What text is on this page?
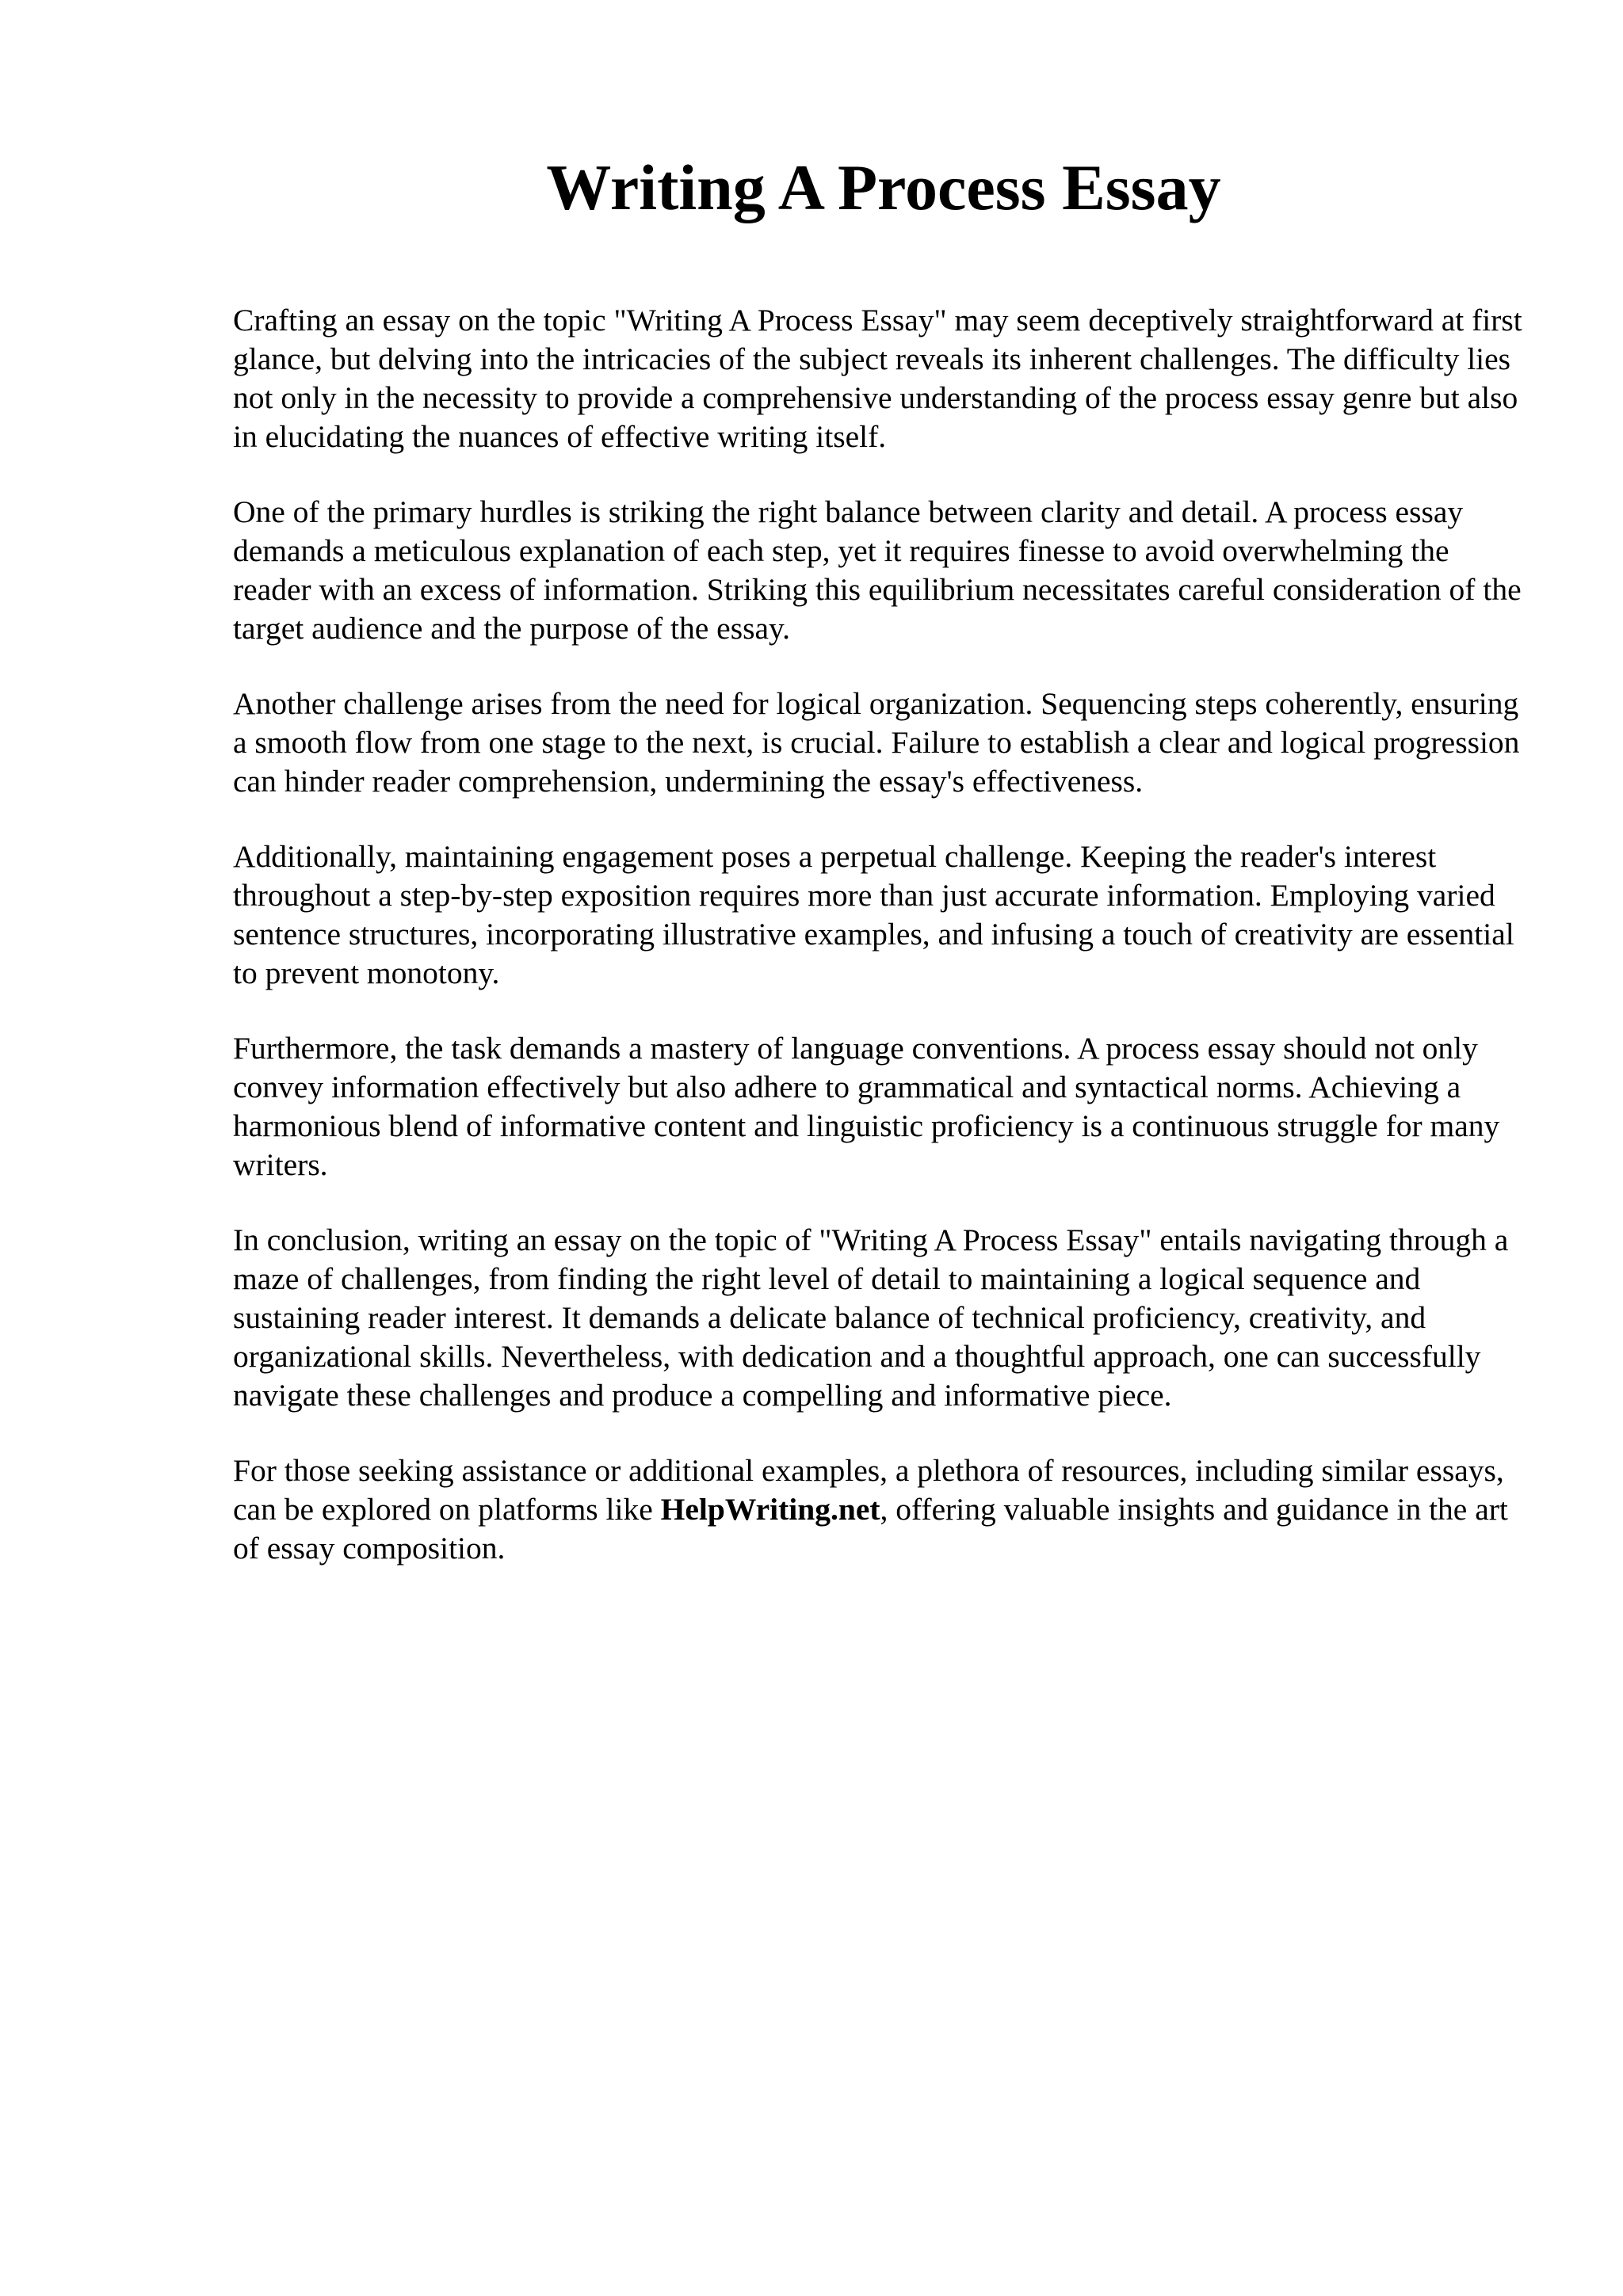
Writing A Process Essay

Crafting an essay on the topic "Writing A Process Essay" may seem deceptively straightforward at first glance, but delving into the intricacies of the subject reveals its inherent challenges. The difficulty lies not only in the necessity to provide a comprehensive understanding of the process essay genre but also in elucidating the nuances of effective writing itself.

One of the primary hurdles is striking the right balance between clarity and detail. A process essay demands a meticulous explanation of each step, yet it requires finesse to avoid overwhelming the reader with an excess of information. Striking this equilibrium necessitates careful consideration of the target audience and the purpose of the essay.

Another challenge arises from the need for logical organization. Sequencing steps coherently, ensuring a smooth flow from one stage to the next, is crucial. Failure to establish a clear and logical progression can hinder reader comprehension, undermining the essay's effectiveness.

Additionally, maintaining engagement poses a perpetual challenge. Keeping the reader's interest throughout a step-by-step exposition requires more than just accurate information. Employing varied sentence structures, incorporating illustrative examples, and infusing a touch of creativity are essential to prevent monotony.

Furthermore, the task demands a mastery of language conventions. A process essay should not only convey information effectively but also adhere to grammatical and syntactical norms. Achieving a harmonious blend of informative content and linguistic proficiency is a continuous struggle for many writers.

In conclusion, writing an essay on the topic of "Writing A Process Essay" entails navigating through a maze of challenges, from finding the right level of detail to maintaining a logical sequence and sustaining reader interest. It demands a delicate balance of technical proficiency, creativity, and organizational skills. Nevertheless, with dedication and a thoughtful approach, one can successfully navigate these challenges and produce a compelling and informative piece.

For those seeking assistance or additional examples, a plethora of resources, including similar essays, can be explored on platforms like HelpWriting.net, offering valuable insights and guidance in the art of essay composition.
